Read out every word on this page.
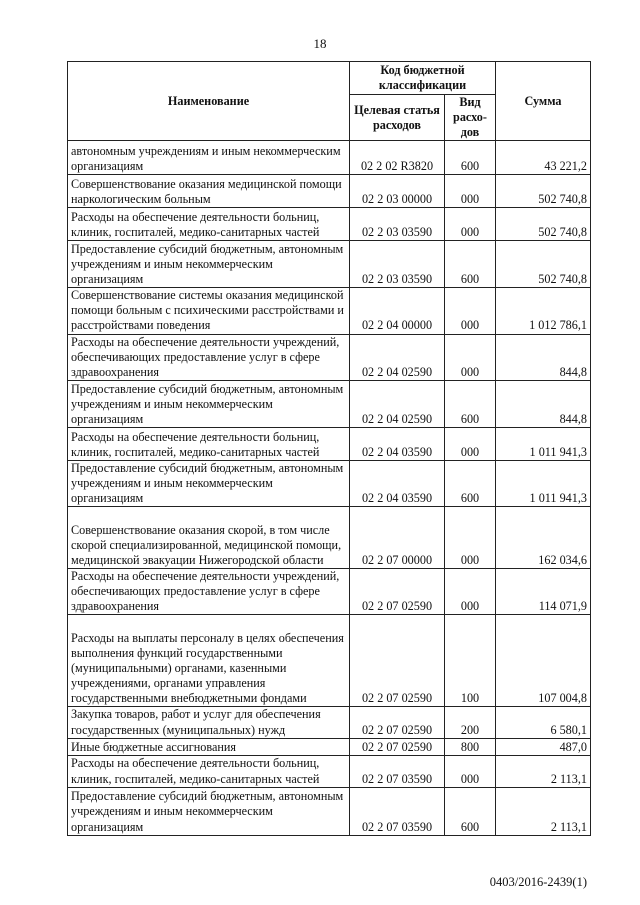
18
Наименование	Код бюджетной классификации		Сумма
	Целевая статья расходов	Вид расхо-дов	
автономным учреждениям и иным некоммерческим организациям	02 2 02 R3820	600	43 221,2
Совершенствование оказания медицинской помощи наркологическим больным	02 2 03 00000	000	502 740,8
Расходы на обеспечение деятельности больниц, клиник, госпиталей, медико-санитарных частей	02 2 03 03590	000	502 740,8
Предоставление субсидий бюджетным, автономным учреждениям и иным некоммерческим организациям	02 2 03 03590	600	502 740,8
Совершенствование системы оказания медицинской помощи больным с психическими расстройствами и расстройствами поведения	02 2 04 00000	000	1 012 786,1
Расходы на обеспечение деятельности учреждений, обеспечивающих предоставление услуг в сфере здравоохранения	02 2 04 02590	000	844,8
Предоставление субсидий бюджетным, автономным учреждениям и иным некоммерческим организациям	02 2 04 02590	600	844,8
Расходы на обеспечение деятельности больниц, клиник, госпиталей, медико-санитарных частей	02 2 04 03590	000	1 011 941,3
Предоставление субсидий бюджетным, автономным учреждениям и иным некоммерческим организациям	02 2 04 03590	600	1 011 941,3
Совершенствование оказания скорой, в том числе скорой специализированной, медицинской помощи, медицинской эвакуации Нижегородской области	02 2 07 00000	000	162 034,6
Расходы на обеспечение деятельности учреждений, обеспечивающих предоставление услуг в сфере здравоохранения	02 2 07 02590	000	114 071,9
Расходы на выплаты персоналу в целях обеспечения выполнения функций государственными (муниципальными) органами, казенными учреждениями, органами управления государственными внебюджетными фондами	02 2 07 02590	100	107 004,8
Закупка товаров, работ и услуг для обеспечения государственных (муниципальных) нужд	02 2 07 02590	200	6 580,1
Иные бюджетные ассигнования	02 2 07 02590	800	487,0
Расходы на обеспечение деятельности больниц, клиник, госпиталей, медико-санитарных частей	02 2 07 03590	000	2 113,1
Предоставление субсидий бюджетным, автономным учреждениям и иным некоммерческим организациям	02 2 07 03590	600	2 113,1
0403/2016-2439(1)
